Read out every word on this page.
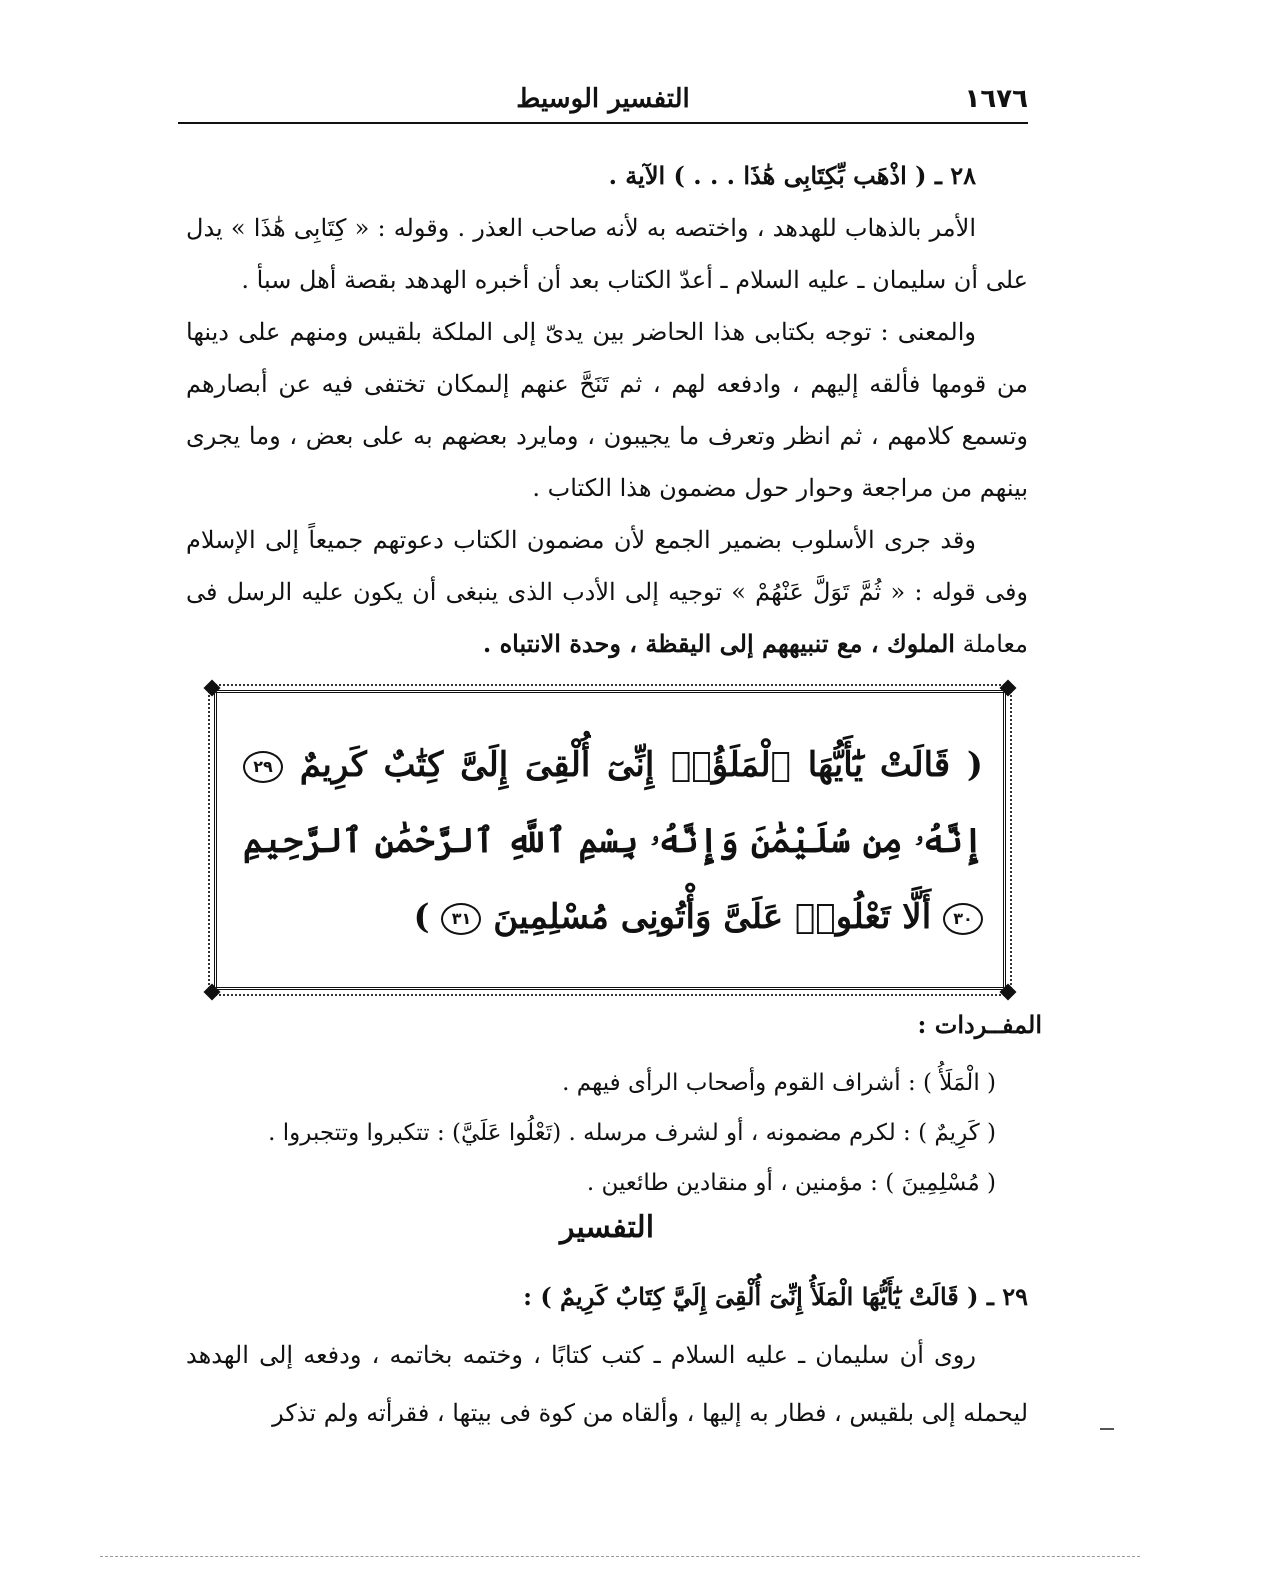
١٦٧٦
التفسير الوسيط

٢٨ ـ ( اذْهَب بِّكِتَابِى هَٰذَا . . . ) الآية .

الأمر بالذهاب للهدهد ، واختصه به لأنه صاحب العذر . وقوله : « كِتَابِى هَٰذَا » يدل على أن سليمان ـ عليه السلام ـ أعدّ الكتاب بعد أن أخبره الهدهد بقصة أهل سبأ .

والمعنى : توجه بكتابى هذا الحاضر بين يدىّ إلى الملكة بلقيس ومنهم على دينها من قومها فألقه إليهم ، وادفعه لهم ، ثم تَنَحَّ عنهم إلىمكان تختفى فيه عن أبصارهم وتسمع كلامهم ، ثم انظر وتعرف ما يجيبون ، ومايرد بعضهم به على بعض ، وما يجرى بينهم من مراجعة وحوار حول مضمون هذا الكتاب .

وقد جرى الأسلوب بضمير الجمع لأن مضمون الكتاب دعوتهم جميعاً إلى الإسلام وفى قوله : « ثُمَّ تَوَلَّ عَنْهُمْ » توجيه إلى الأدب الذى ينبغى أن يكون عليه الرسل فى معاملة الملوك ، مع تنبيههم إلى اليقظة ، وحدة الانتباه .

( قَالَتْ يَٰٓأَيُّهَا ٱلْمَلَؤُا۟ إِنِّىٓ أُلْقِىَ إِلَىَّ كِتَٰبٌ كَرِيمٌ ٢٩ إِنَّهُۥ مِن سُلَيْمَٰنَ وَإِنَّهُۥ بِسْمِ ٱللَّهِ ٱلرَّحْمَٰنِ ٱلرَّحِيمِ ٣٠ أَلَّا تَعْلُوا۟ عَلَىَّ وَأْتُونِى مُسْلِمِينَ ٣١ )
المفــردات :

( الْمَلَأُ ) : أشراف القوم وأصحاب الرأى فيهم .

( كَرِيمٌ ) : لكرم مضمونه ، أو لشرف مرسله . (تَعْلُوا عَلَيَّ) : تتكبروا وتتجبروا .

( مُسْلِمِينَ ) : مؤمنين ، أو منقادين طائعين .

التفسير

٢٩ ـ ( قَالَتْ يَٰٓأَيُّهَا الْمَلَأُ إِنِّىٓ أُلْقِىَ إِلَيَّ كِتَابٌ كَرِيمٌ ) :

روى أن سليمان ـ عليه السلام ـ كتب كتابًا ، وختمه بخاتمه ، ودفعه إلى الهدهد ليحمله إلى بلقيس ، فطار به إليها ، وألقاه من كوة فى بيتها ، فقرأته ولم تذكر
